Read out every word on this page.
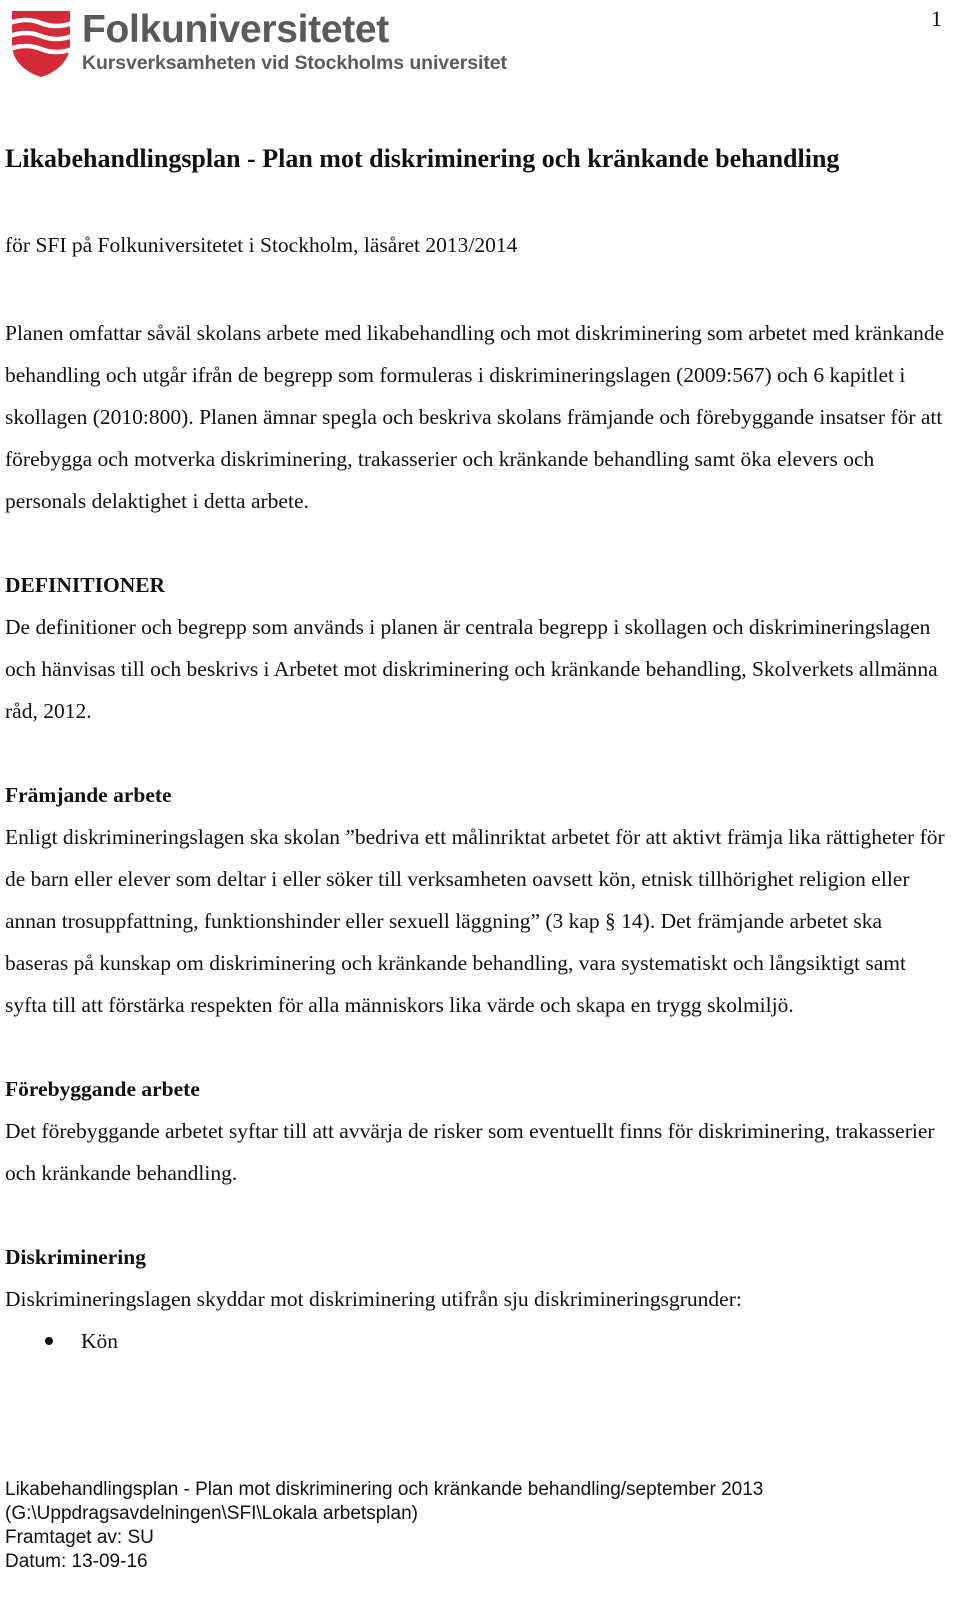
1
Folkuniversitetet
Kursverksamheten vid Stockholms universitet
Likabehandlingsplan - Plan mot diskriminering och kränkande behandling

för SFI på Folkuniversitetet i Stockholm, läsåret 2013/2014

Planen omfattar såväl skolans arbete med likabehandling och mot diskriminering som arbetet med kränkande behandling och utgår ifrån de begrepp som formuleras i diskrimineringslagen (2009:567) och 6 kapitlet i skollagen (2010:800). Planen ämnar spegla och beskriva skolans främjande och förebyggande insatser för att förebygga och motverka diskriminering, trakasserier och kränkande behandling samt öka elevers och personals delaktighet i detta arbete.

DEFINITIONER

De definitioner och begrepp som används i planen är centrala begrepp i skollagen och diskrimineringslagen och hänvisas till och beskrivs i Arbetet mot diskriminering och kränkande behandling, Skolverkets allmänna råd, 2012.

Främjande arbete

Enligt diskrimineringslagen ska skolan ”bedriva ett målinriktat arbetet för att aktivt främja lika rättigheter för de barn eller elever som deltar i eller söker till verksamheten oavsett kön, etnisk tillhörighet religion eller annan trosuppfattning, funktionshinder eller sexuell läggning” (3 kap § 14). Det främjande arbetet ska baseras på kunskap om diskriminering och kränkande behandling, vara systematiskt och långsiktigt samt syfta till att förstärka respekten för alla människors lika värde och skapa en trygg skolmiljö.

Förebyggande arbete

Det förebyggande arbetet syftar till att avvärja de risker som eventuellt finns för diskriminering, trakasserier och kränkande behandling.

Diskriminering

Diskrimineringslagen skyddar mot diskriminering utifrån sju diskrimineringsgrunder:

Kön
Likabehandlingsplan - Plan mot diskriminering och kränkande behandling/september 2013
(G:\Uppdragsavdelningen\SFI\Lokala arbetsplan)
Framtaget av: SU
Datum: 13-09-16
